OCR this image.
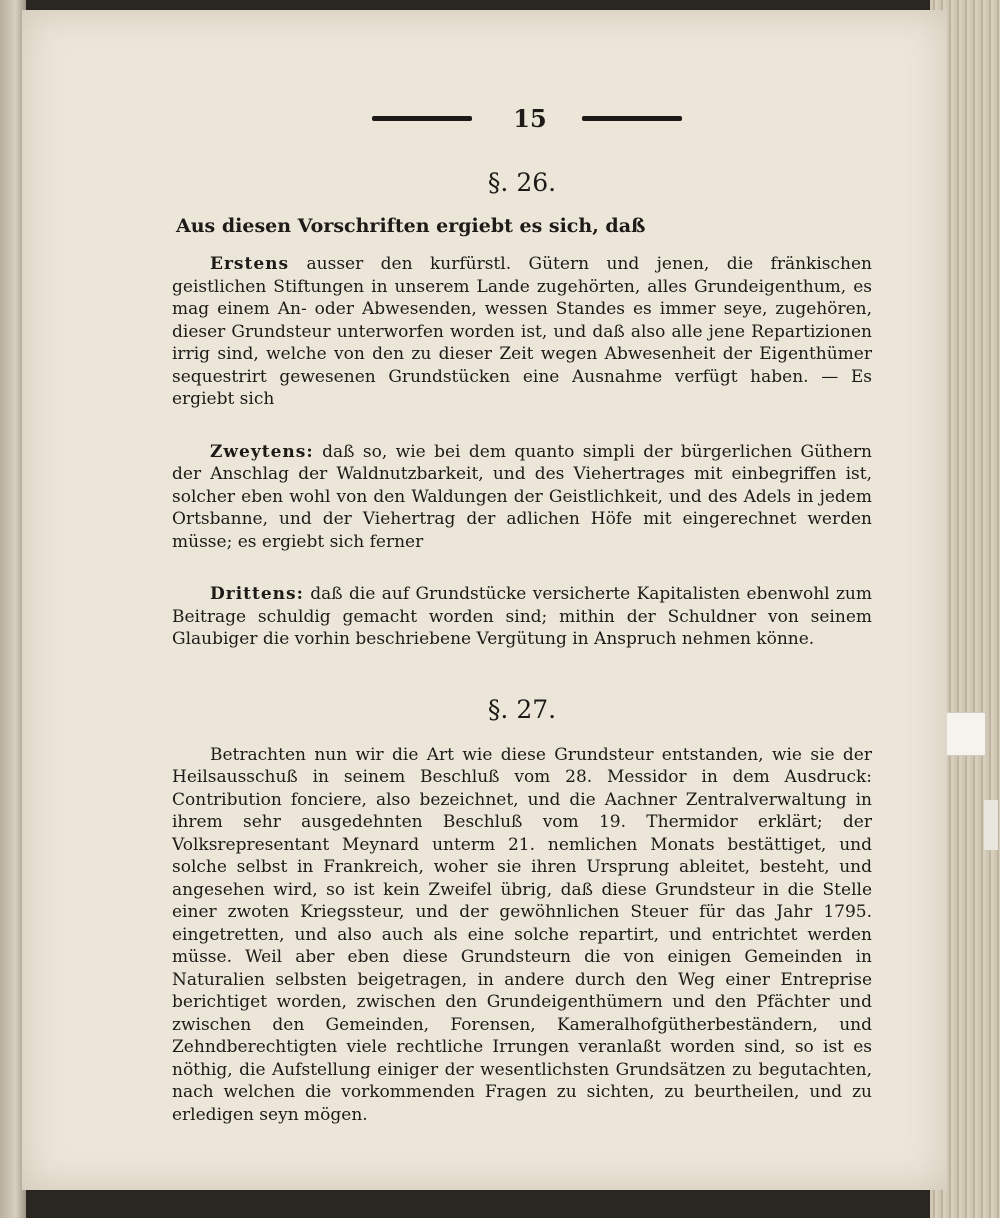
15
§. 26.
Aus diesen Vorschriften ergiebt es sich, daß

Erstens ausser den kurfürstl. Gütern und jenen, die fränkischen geistlichen Stiftungen in unserem Lande zugehörten, alles Grundeigenthum, es mag einem An- oder Abwesenden, wessen Standes es immer seye, zugehören, dieser Grundsteur unterworfen worden ist, und daß also alle jene Repartizionen irrig sind, welche von den zu dieser Zeit wegen Abwesenheit der Eigenthümer sequestrirt gewesenen Grundstücken eine Ausnahme verfügt haben. — Es ergiebt sich

Zweytens: daß so, wie bei dem quanto simpli der bürgerlichen Güthern der Anschlag der Waldnutzbarkeit, und des Viehertrages mit einbegriffen ist, solcher eben wohl von den Waldungen der Geistlichkeit, und des Adels in jedem Ortsbanne, und der Viehertrag der adlichen Höfe mit eingerechnet werden müsse; es ergiebt sich ferner

Drittens: daß die auf Grundstücke versicherte Kapitalisten ebenwohl zum Beitrage schuldig gemacht worden sind; mithin der Schuldner von seinem Glaubiger die vorhin beschriebene Vergütung in Anspruch nehmen könne.

§. 27.

Betrachten nun wir die Art wie diese Grundsteur entstanden, wie sie der Heilsausschuß in seinem Beschluß vom 28. Messidor in dem Ausdruck: Contribution fonciere, also bezeichnet, und die Aachner Zentralverwaltung in ihrem sehr ausgedehnten Beschluß vom 19. Thermidor erklärt; der Volksrepresentant Meynard unterm 21. nemlichen Monats bestättiget, und solche selbst in Frankreich, woher sie ihren Ursprung ableitet, besteht, und angesehen wird, so ist kein Zweifel übrig, daß diese Grundsteur in die Stelle einer zwoten Kriegssteur, und der gewöhnlichen Steuer für das Jahr 1795. eingetretten, und also auch als eine solche repartirt, und entrichtet werden müsse. Weil aber eben diese Grundsteurn die von einigen Gemeinden in Naturalien selbsten beigetragen, in andere durch den Weg einer Entreprise berichtiget worden, zwischen den Grundeigenthümern und den Pfächter und zwischen den Gemeinden, Forensen, Kameralhofgütherbeständern, und Zehndberechtigten viele rechtliche Irrungen veranlaßt worden sind, so ist es nöthig, die Aufstellung einiger der wesentlichsten Grundsätzen zu begutachten, nach welchen die vorkommenden Fragen zu sichten, zu beurtheilen, und zu erledigen seyn mögen.
